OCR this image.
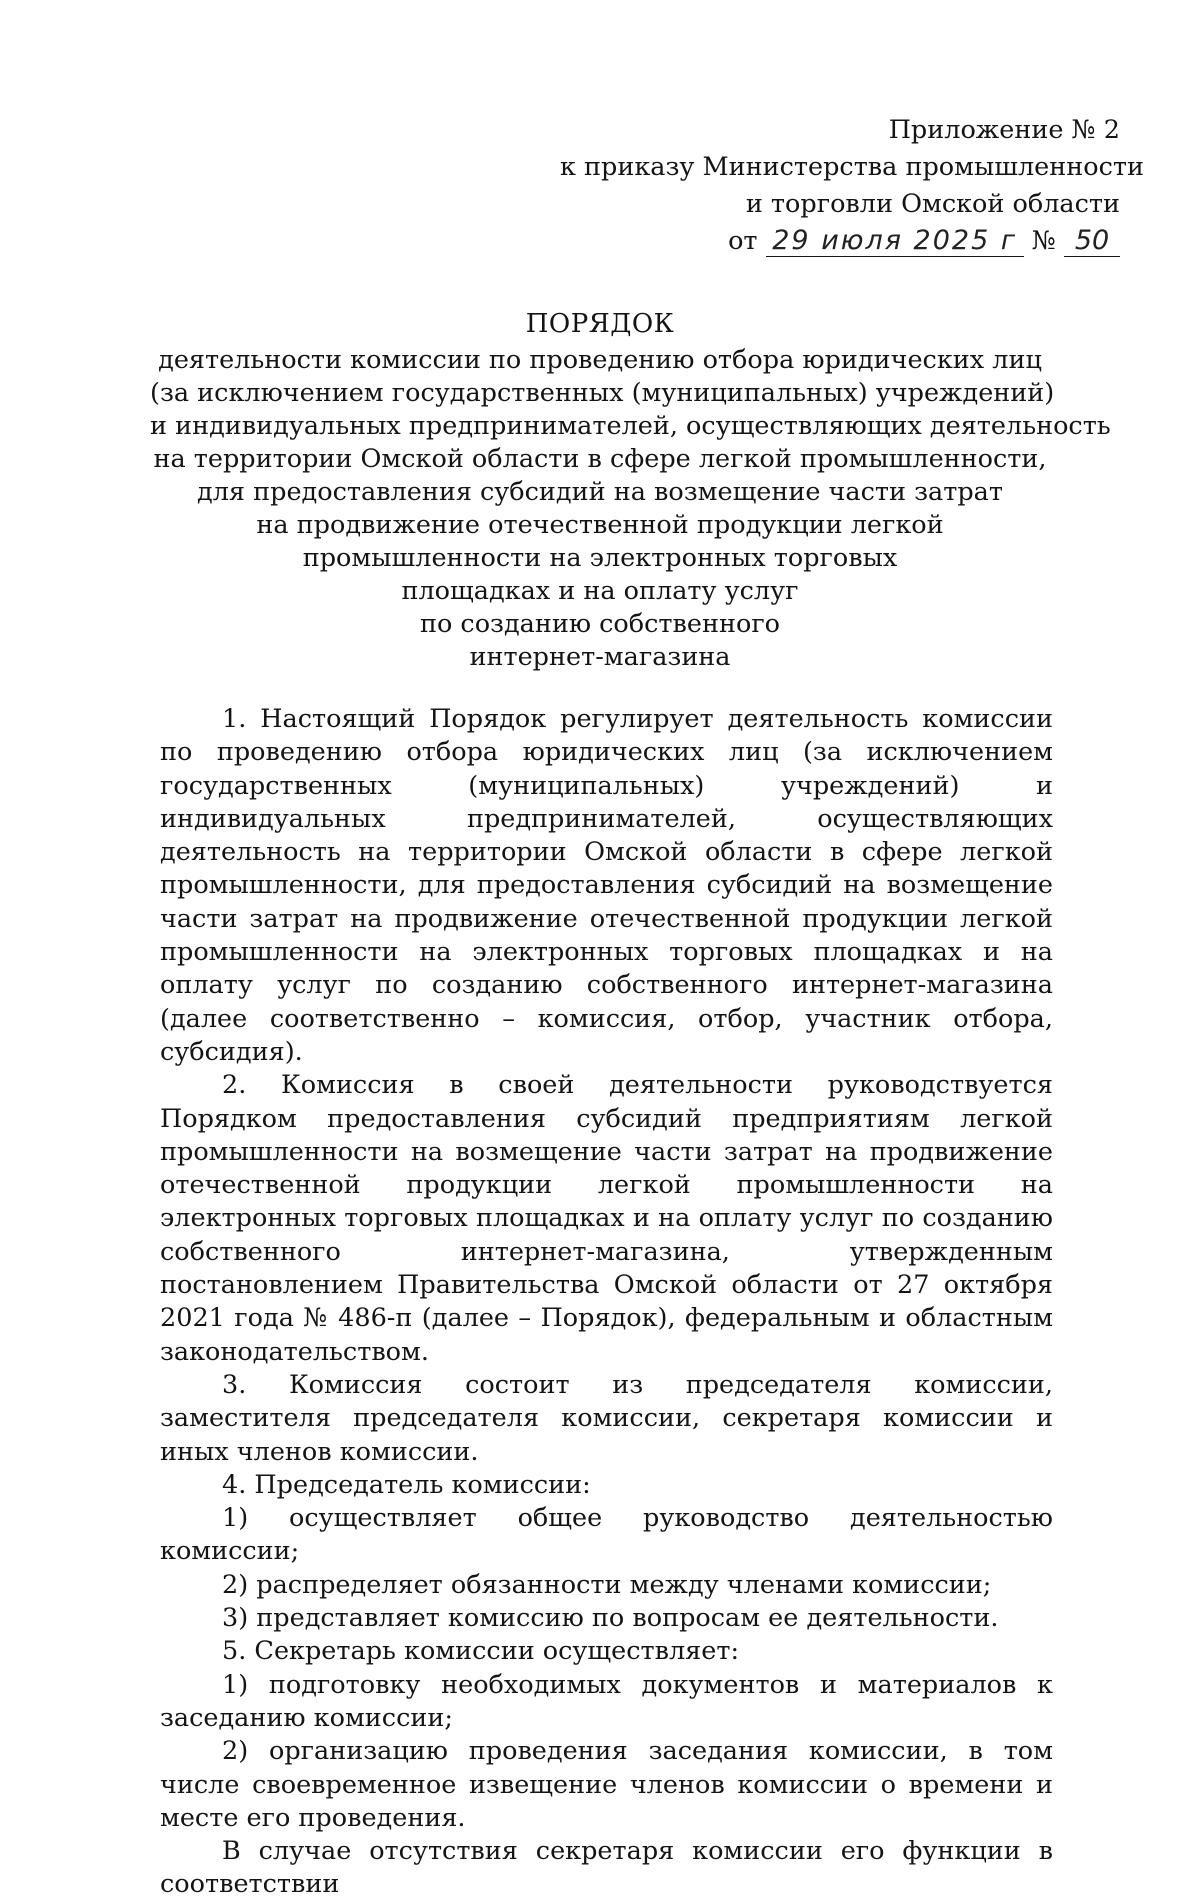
Приложение № 2
к приказу Министерства промышленности
и торговли Омской области
от 29 июля 2025 г № 50
ПОРЯДОК
деятельности комиссии по проведению отбора юридических лиц
(за исключением государственных (муниципальных) учреждений)
и индивидуальных предпринимателей, осуществляющих деятельность
на территории Омской области в сфере легкой промышленности,
для предоставления субсидий на возмещение части затрат
на продвижение отечественной продукции легкой
промышленности на электронных торговых
площадках и на оплату услуг
по созданию собственного
интернет-магазина

1. Настоящий Порядок регулирует деятельность комиссии по проведению отбора юридических лиц (за исключением государственных (муниципальных) учреждений) и индивидуальных предпринимателей, осуществляющих деятельность на территории Омской области в сфере легкой промышленности, для предоставления субсидий на возмещение части затрат на продвижение отечественной продукции легкой промышленности на электронных торговых площадках и на оплату услуг по созданию собственного интернет-магазина (далее соответственно – комиссия, отбор, участник отбора, субсидия).

2. Комиссия в своей деятельности руководствуется Порядком предоставления субсидий предприятиям легкой промышленности на возмещение части затрат на продвижение отечественной продукции легкой промышленности на электронных торговых площадках и на оплату услуг по созданию собственного интернет-магазина, утвержденным постановлением Правительства Омской области от 27 октября 2021 года № 486-п (далее – Порядок), федеральным и областным законодательством.

3. Комиссия состоит из председателя комиссии, заместителя председателя комиссии, секретаря комиссии и иных членов комиссии.

4. Председатель комиссии:

1) осуществляет общее руководство деятельностью комиссии;

2) распределяет обязанности между членами комиссии;

3) представляет комиссию по вопросам ее деятельности.

5. Секретарь комиссии осуществляет:

1) подготовку необходимых документов и материалов к заседанию комиссии;

2) организацию проведения заседания комиссии, в том числе своевременное извещение членов комиссии о времени и месте его проведения.

В случае отсутствия секретаря комиссии его функции в соответствии
